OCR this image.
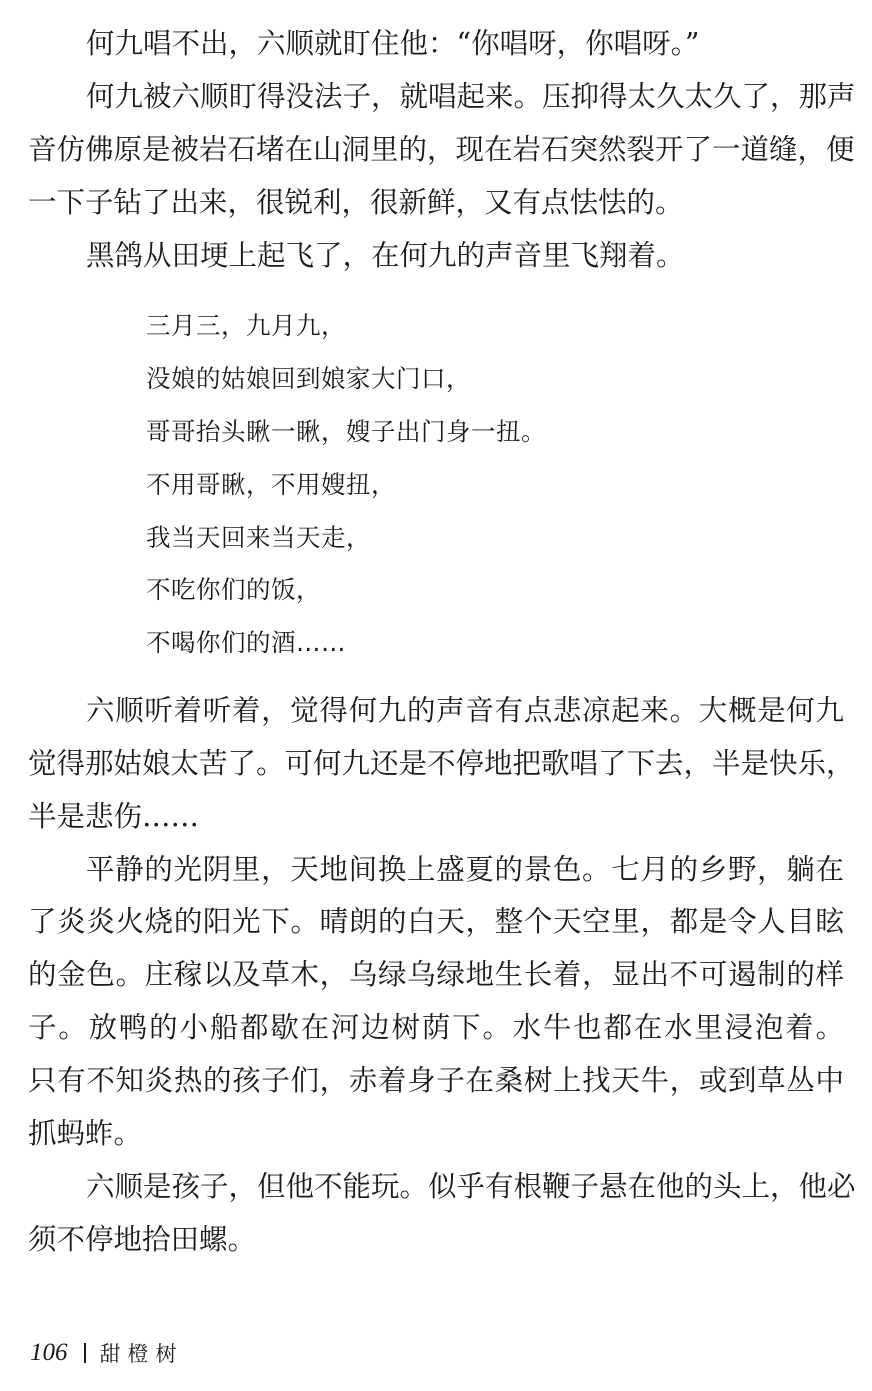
何九唱不出，六顺就盯住他：“你唱呀，你唱呀。”
何九被六顺盯得没法子，就唱起来。压抑得太久太久了，那声
音仿佛原是被岩石堵在山洞里的，现在岩石突然裂开了一道缝，便
一下子钻了出来，很锐利，很新鲜，又有点怯怯的。
黑鸽从田埂上起飞了，在何九的声音里飞翔着。
三月三，九月九，
没娘的姑娘回到娘家大门口，
哥哥抬头瞅一瞅，嫂子出门身一扭。
不用哥瞅，不用嫂扭，
我当天回来当天走，
不吃你们的饭，
不喝你们的酒……
六顺听着听着，觉得何九的声音有点悲凉起来。大概是何九
觉得那姑娘太苦了。可何九还是不停地把歌唱了下去，半是快乐，
半是悲伤……
平静的光阴里，天地间换上盛夏的景色。七月的乡野，躺在
了炎炎火烧的阳光下。晴朗的白天，整个天空里，都是令人目眩
的金色。庄稼以及草木，乌绿乌绿地生长着，显出不可遏制的样
子。放鸭的小船都歇在河边树荫下。水牛也都在水里浸泡着。
只有不知炎热的孩子们，赤着身子在桑树上找天牛，或到草丛中
抓蚂蚱。
六顺是孩子，但他不能玩。似乎有根鞭子悬在他的头上，他必
须不停地拾田螺。
106 甜橙树
